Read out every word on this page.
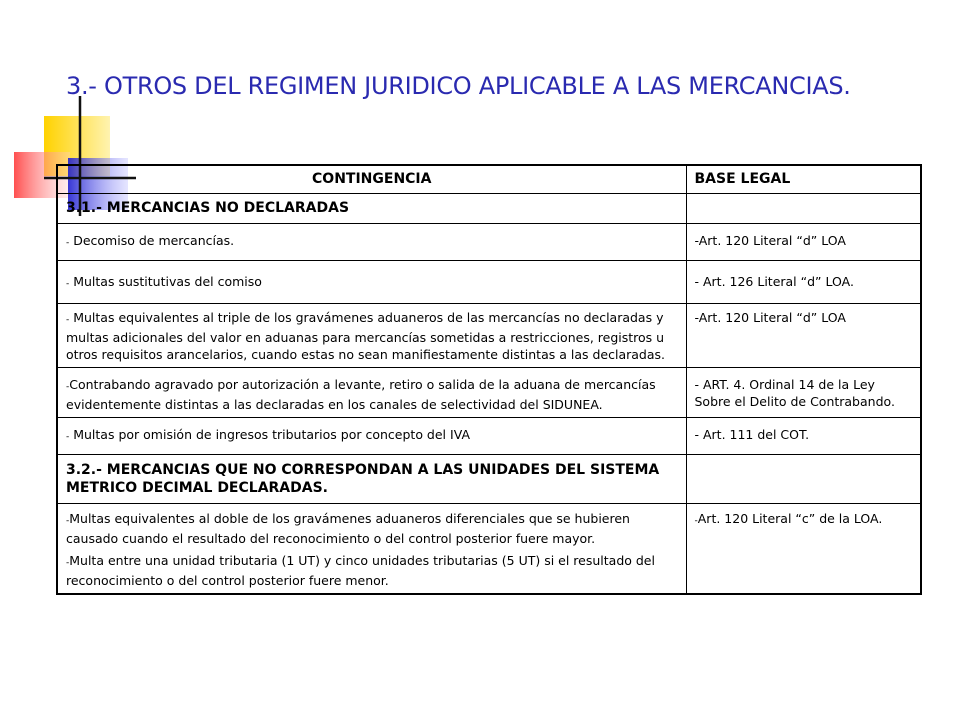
3.- OTROS DEL REGIMEN JURIDICO APLICABLE A LAS MERCANCIAS.
CONTINGENCIA	BASE LEGAL
3.1.- MERCANCIAS NO DECLARADAS	
- Decomiso de mercancías.	-Art. 120 Literal “d” LOA
- Multas sustitutivas del comiso	- Art. 126 Literal “d” LOA.
- Multas equivalentes al triple de los gravámenes aduaneros de las mercancías no declaradas y multas adicionales del valor en aduanas para mercancías sometidas a restricciones, registros u otros requisitos arancelarios, cuando estas no sean manifiestamente distintas a las declaradas.	-Art. 120 Literal “d” LOA
-Contrabando agravado por autorización a levante, retiro o salida de la aduana de mercancías evidentemente distintas a las declaradas en los canales de selectividad del SIDUNEA.	- ART. 4. Ordinal 14 de la Ley Sobre el Delito de Contrabando.
- Multas por omisión de ingresos tributarios por concepto del IVA	- Art. 111 del COT.
3.2.- MERCANCIAS QUE NO CORRESPONDAN A LAS UNIDADES DEL SISTEMA METRICO DECIMAL DECLARADAS.	

-Multas equivalentes al doble de los gravámenes aduaneros diferenciales que se hubieren causado cuando el resultado del reconocimiento o del control posterior fuere mayor.
-Multa entre una unidad tributaria (1 UT) y cinco unidades tributarias (5 UT) si el resultado del reconocimiento o del control posterior fuere menor.	-Art. 120 Literal “c” de la LOA.
